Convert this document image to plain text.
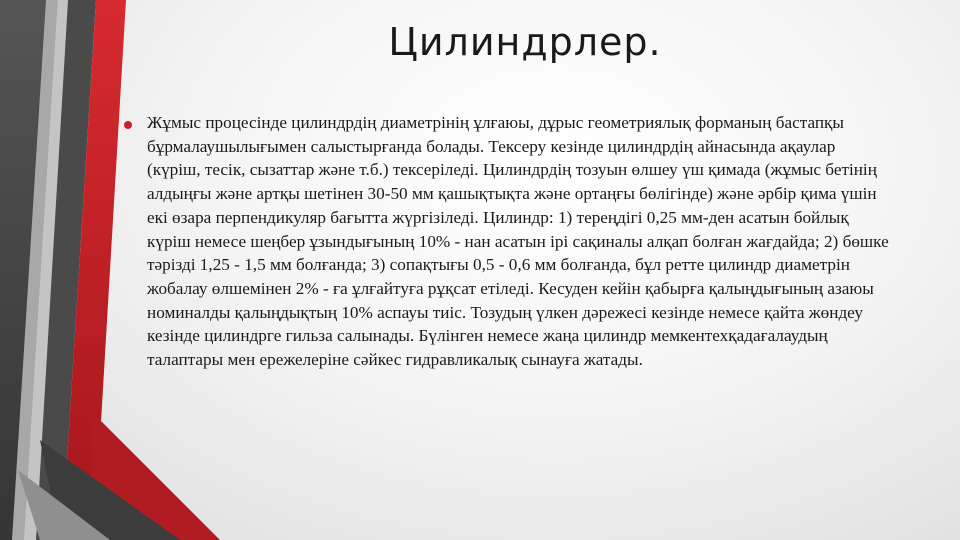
Цилиндрлер.
Жұмыс процесінде цилиндрдің диаметрінің ұлғаюы, дұрыс геометриялық форманың бастапқы бұрмалаушылығымен салыстырғанда болады. Тексеру кезінде цилиндрдің айнасында ақаулар (күріш, тесік, сызаттар және т.б.) тексеріледі. Цилиндрдің тозуын өлшеу үш қимада (жұмыс бетінің алдыңғы және артқы шетінен 30-50 мм қашықтықта және ортаңғы бөлігінде) және әрбір қима үшін екі өзара перпендикуляр бағытта жүргізіледі. Цилиндр: 1) тереңдігі 0,25 мм-ден асатын бойлық күріш немесе шеңбер ұзындығының 10% - нан асатын ірі сақиналы алқап болған жағдайда; 2) бөшке тәрізді 1,25 - 1,5 мм болғанда; 3) сопақтығы 0,5 - 0,6 мм болғанда, бұл ретте цилиндр диаметрін жобалау өлшемінен 2% - ға ұлғайтуға рұқсат етіледі. Кесуден кейін қабырға қалыңдығының азаюы номиналды қалыңдықтың 10% аспауы тиіс. Тозудың үлкен дәрежесі кезінде немесе қайта жөндеу кезінде цилиндрге гильза салынады. Бүлінген немесе жаңа цилиндр мемкентехқадағалаудың талаптары мен ережелеріне сәйкес гидравликалық сынауға жатады.
